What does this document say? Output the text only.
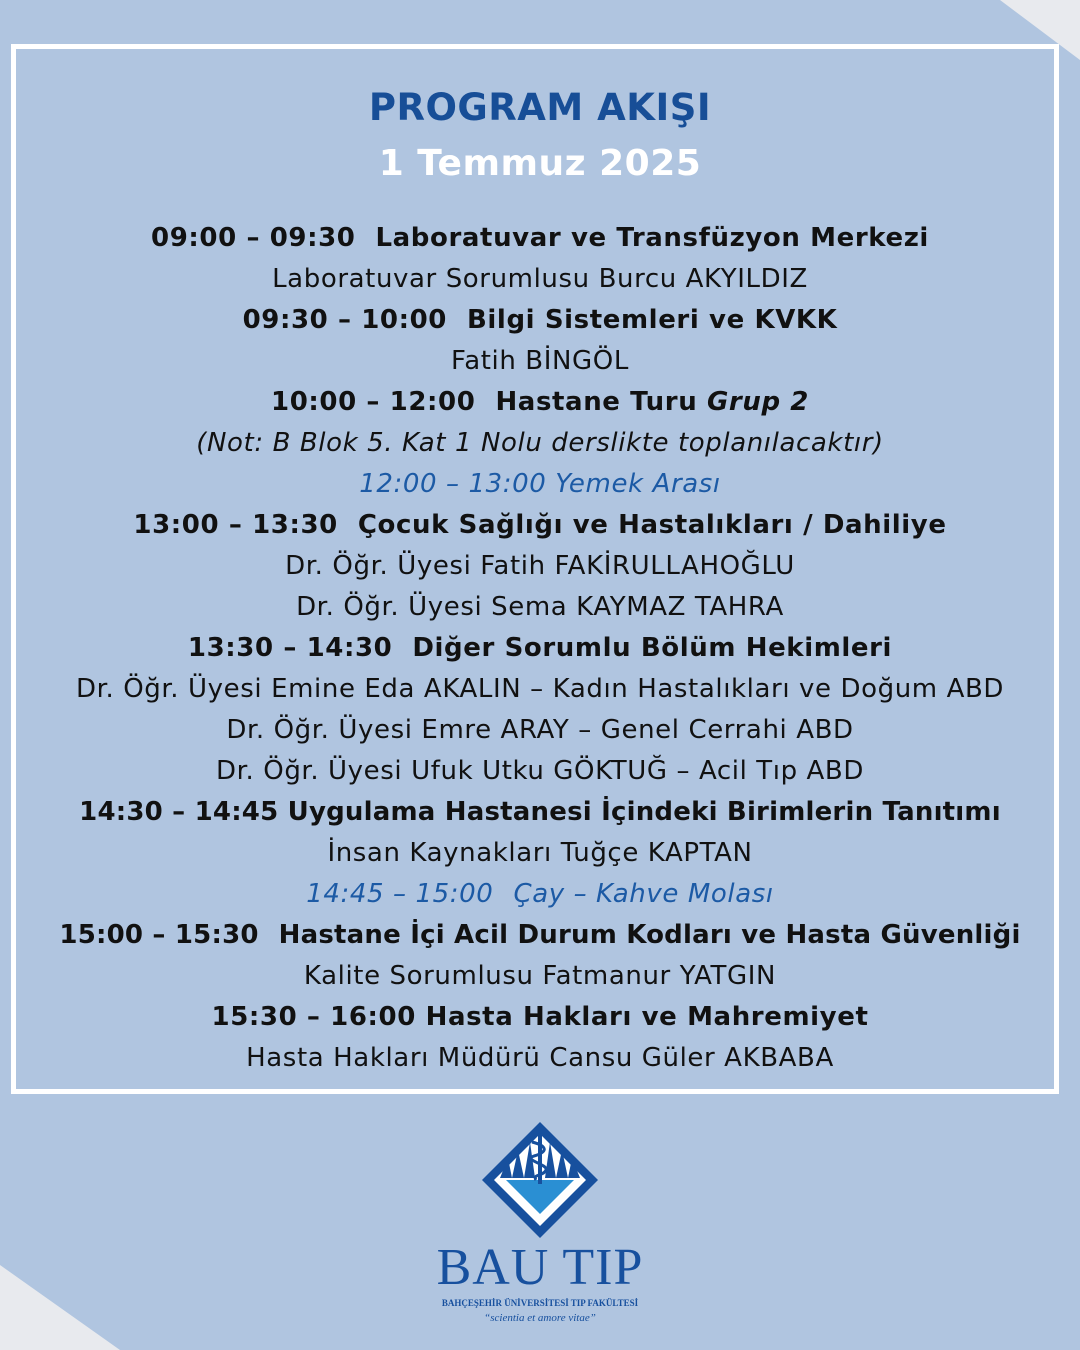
PROGRAM AKIŞI
1 Temmuz 2025
09:00 – 09:30 Laboratuvar ve Transfüzyon Merkezi
Laboratuvar Sorumlusu Burcu AKYILDIZ
09:30 – 10:00 Bilgi Sistemleri ve KVKK
Fatih BİNGÖL
10:00 – 12:00 Hastane Turu Grup 2
(Not: B Blok 5. Kat 1 Nolu derslikte toplanılacaktır)
12:00 – 13:00 Yemek Arası
13:00 – 13:30 Çocuk Sağlığı ve Hastalıkları / Dahiliye
Dr. Öğr. Üyesi Fatih FAKİRULLAHOĞLU
Dr. Öğr. Üyesi Sema KAYMAZ TAHRA
13:30 – 14:30 Diğer Sorumlu Bölüm Hekimleri
Dr. Öğr. Üyesi Emine Eda AKALIN – Kadın Hastalıkları ve Doğum ABD
Dr. Öğr. Üyesi Emre ARAY – Genel Cerrahi ABD
Dr. Öğr. Üyesi Ufuk Utku GÖKTUĞ – Acil Tıp ABD
14:30 – 14:45 Uygulama Hastanesi İçindeki Birimlerin Tanıtımı
İnsan Kaynakları Tuğçe KAPTAN
14:45 – 15:00 Çay – Kahve Molası
15:00 – 15:30 Hastane İçi Acil Durum Kodları ve Hasta Güvenliği
Kalite Sorumlusu Fatmanur YATGIN
15:30 – 16:00 Hasta Hakları ve Mahremiyet
Hasta Hakları Müdürü Cansu Güler AKBABA
BAU TIP
BAHÇEŞEHİR ÜNİVERSİTESİ TIP FAKÜLTESİ
“scientia et amore vitae”
